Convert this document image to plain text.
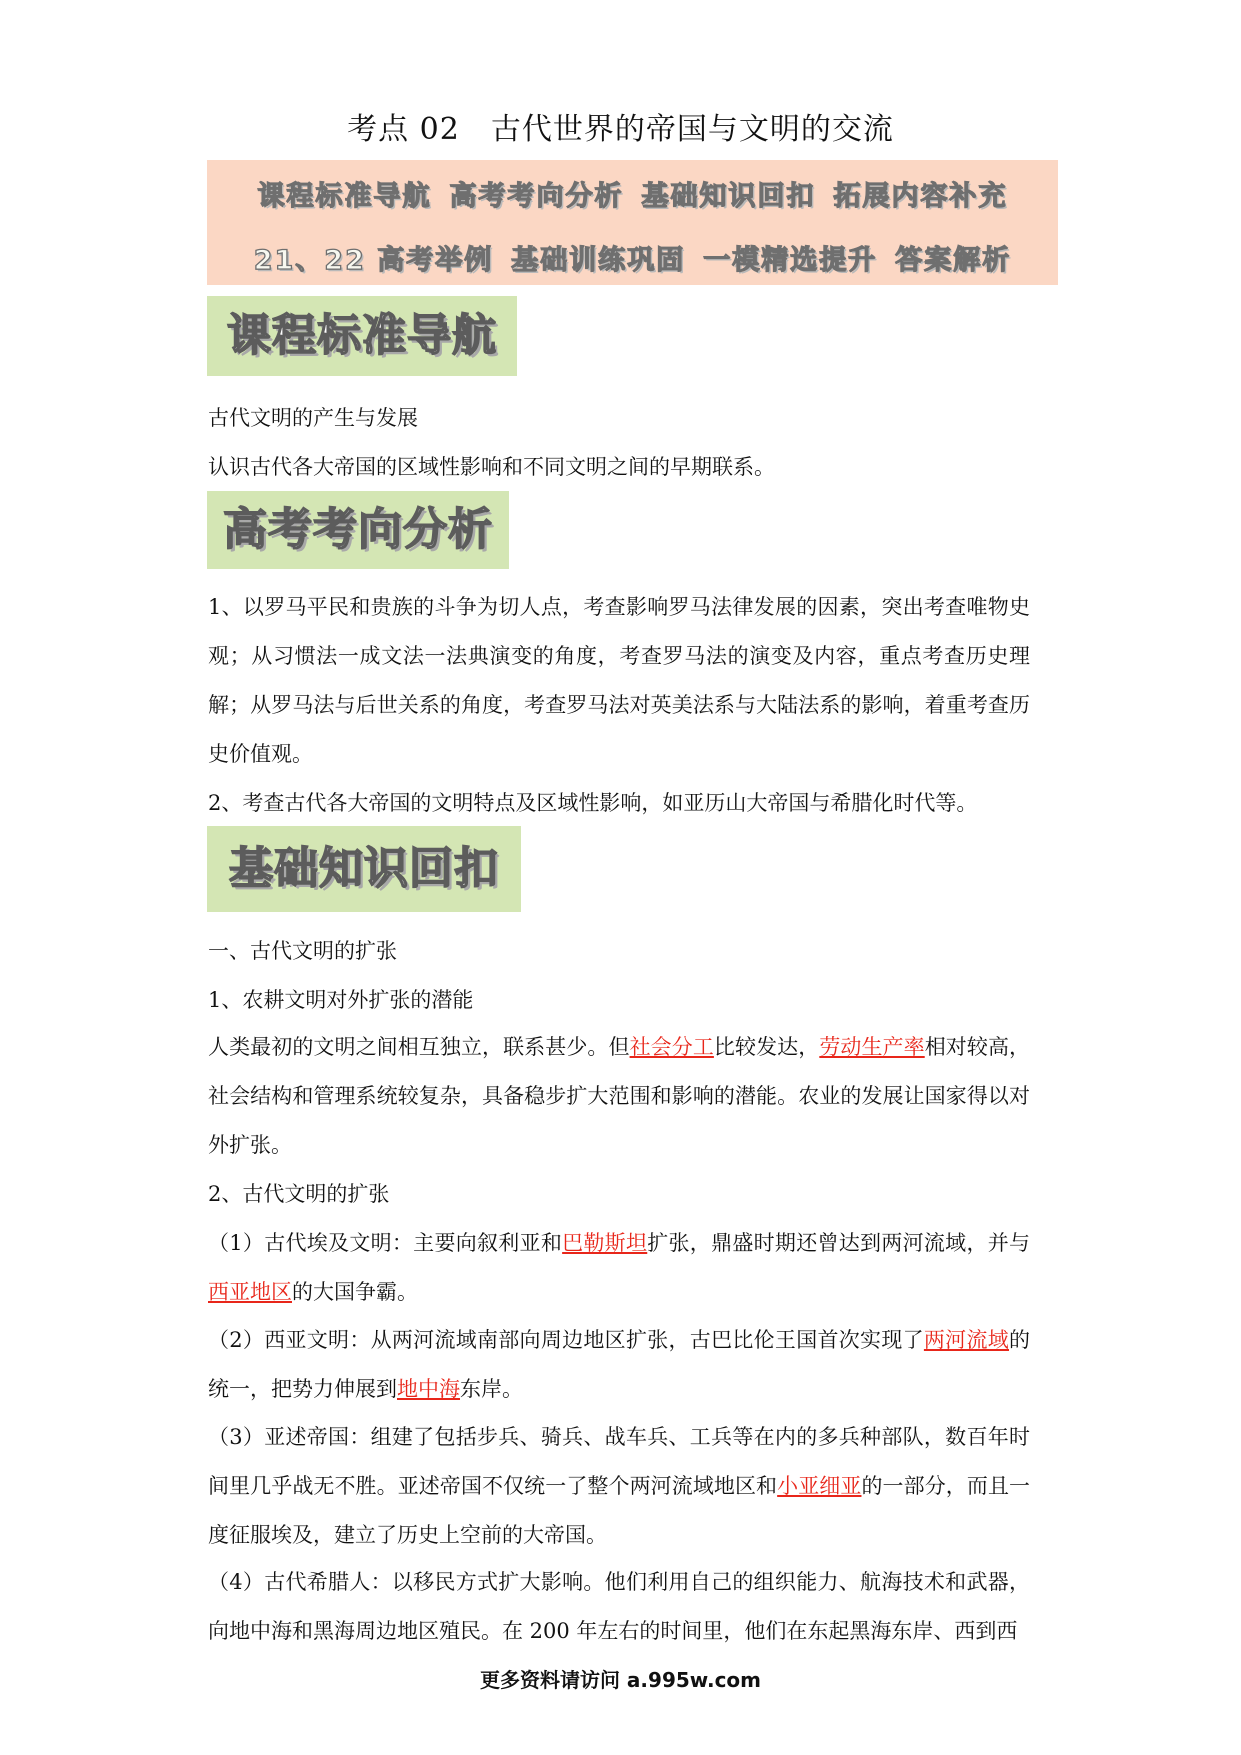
考点 02　古代世界的帝国与文明的交流
课程标准导航 高考考向分析 基础知识回扣 拓展内容补充
21、22 高考举例 基础训练巩固 一模精选提升 答案解析
课程标准导航

古代文明的产生与发展

认识古代各大帝国的区域性影响和不同文明之间的早期联系。

高考考向分析

1、以罗马平民和贵族的斗争为切人点，考查影响罗马法律发展的因素，突出考查唯物史观；从习惯法一成文法一法典演变的角度，考查罗马法的演变及内容，重点考查历史理解；从罗马法与后世关系的角度，考查罗马法对英美法系与大陆法系的影响，着重考查历史价值观。

2、考查古代各大帝国的文明特点及区域性影响，如亚历山大帝国与希腊化时代等。

基础知识回扣

一、古代文明的扩张

1、农耕文明对外扩张的潜能

人类最初的文明之间相互独立，联系甚少。但社会分工比较发达，劳动生产率相对较高，社会结构和管理系统较复杂，具备稳步扩大范围和影响的潜能。农业的发展让国家得以对外扩张。

2、古代文明的扩张

（1）古代埃及文明：主要向叙利亚和巴勒斯坦扩张，鼎盛时期还曾达到两河流域，并与西亚地区的大国争霸。

（2）西亚文明：从两河流域南部向周边地区扩张，古巴比伦王国首次实现了两河流域的统一，把势力伸展到地中海东岸。

（3）亚述帝国：组建了包括步兵、骑兵、战车兵、工兵等在内的多兵种部队，数百年时间里几乎战无不胜。亚述帝国不仅统一了整个两河流域地区和小亚细亚的一部分，而且一度征服埃及，建立了历史上空前的大帝国。

（4）古代希腊人：以移民方式扩大影响。他们利用自己的组织能力、航海技术和武器，向地中海和黑海周边地区殖民。在 200 年左右的时间里，他们在东起黑海东岸、西到西

更多资料请访问 a.995w.com
